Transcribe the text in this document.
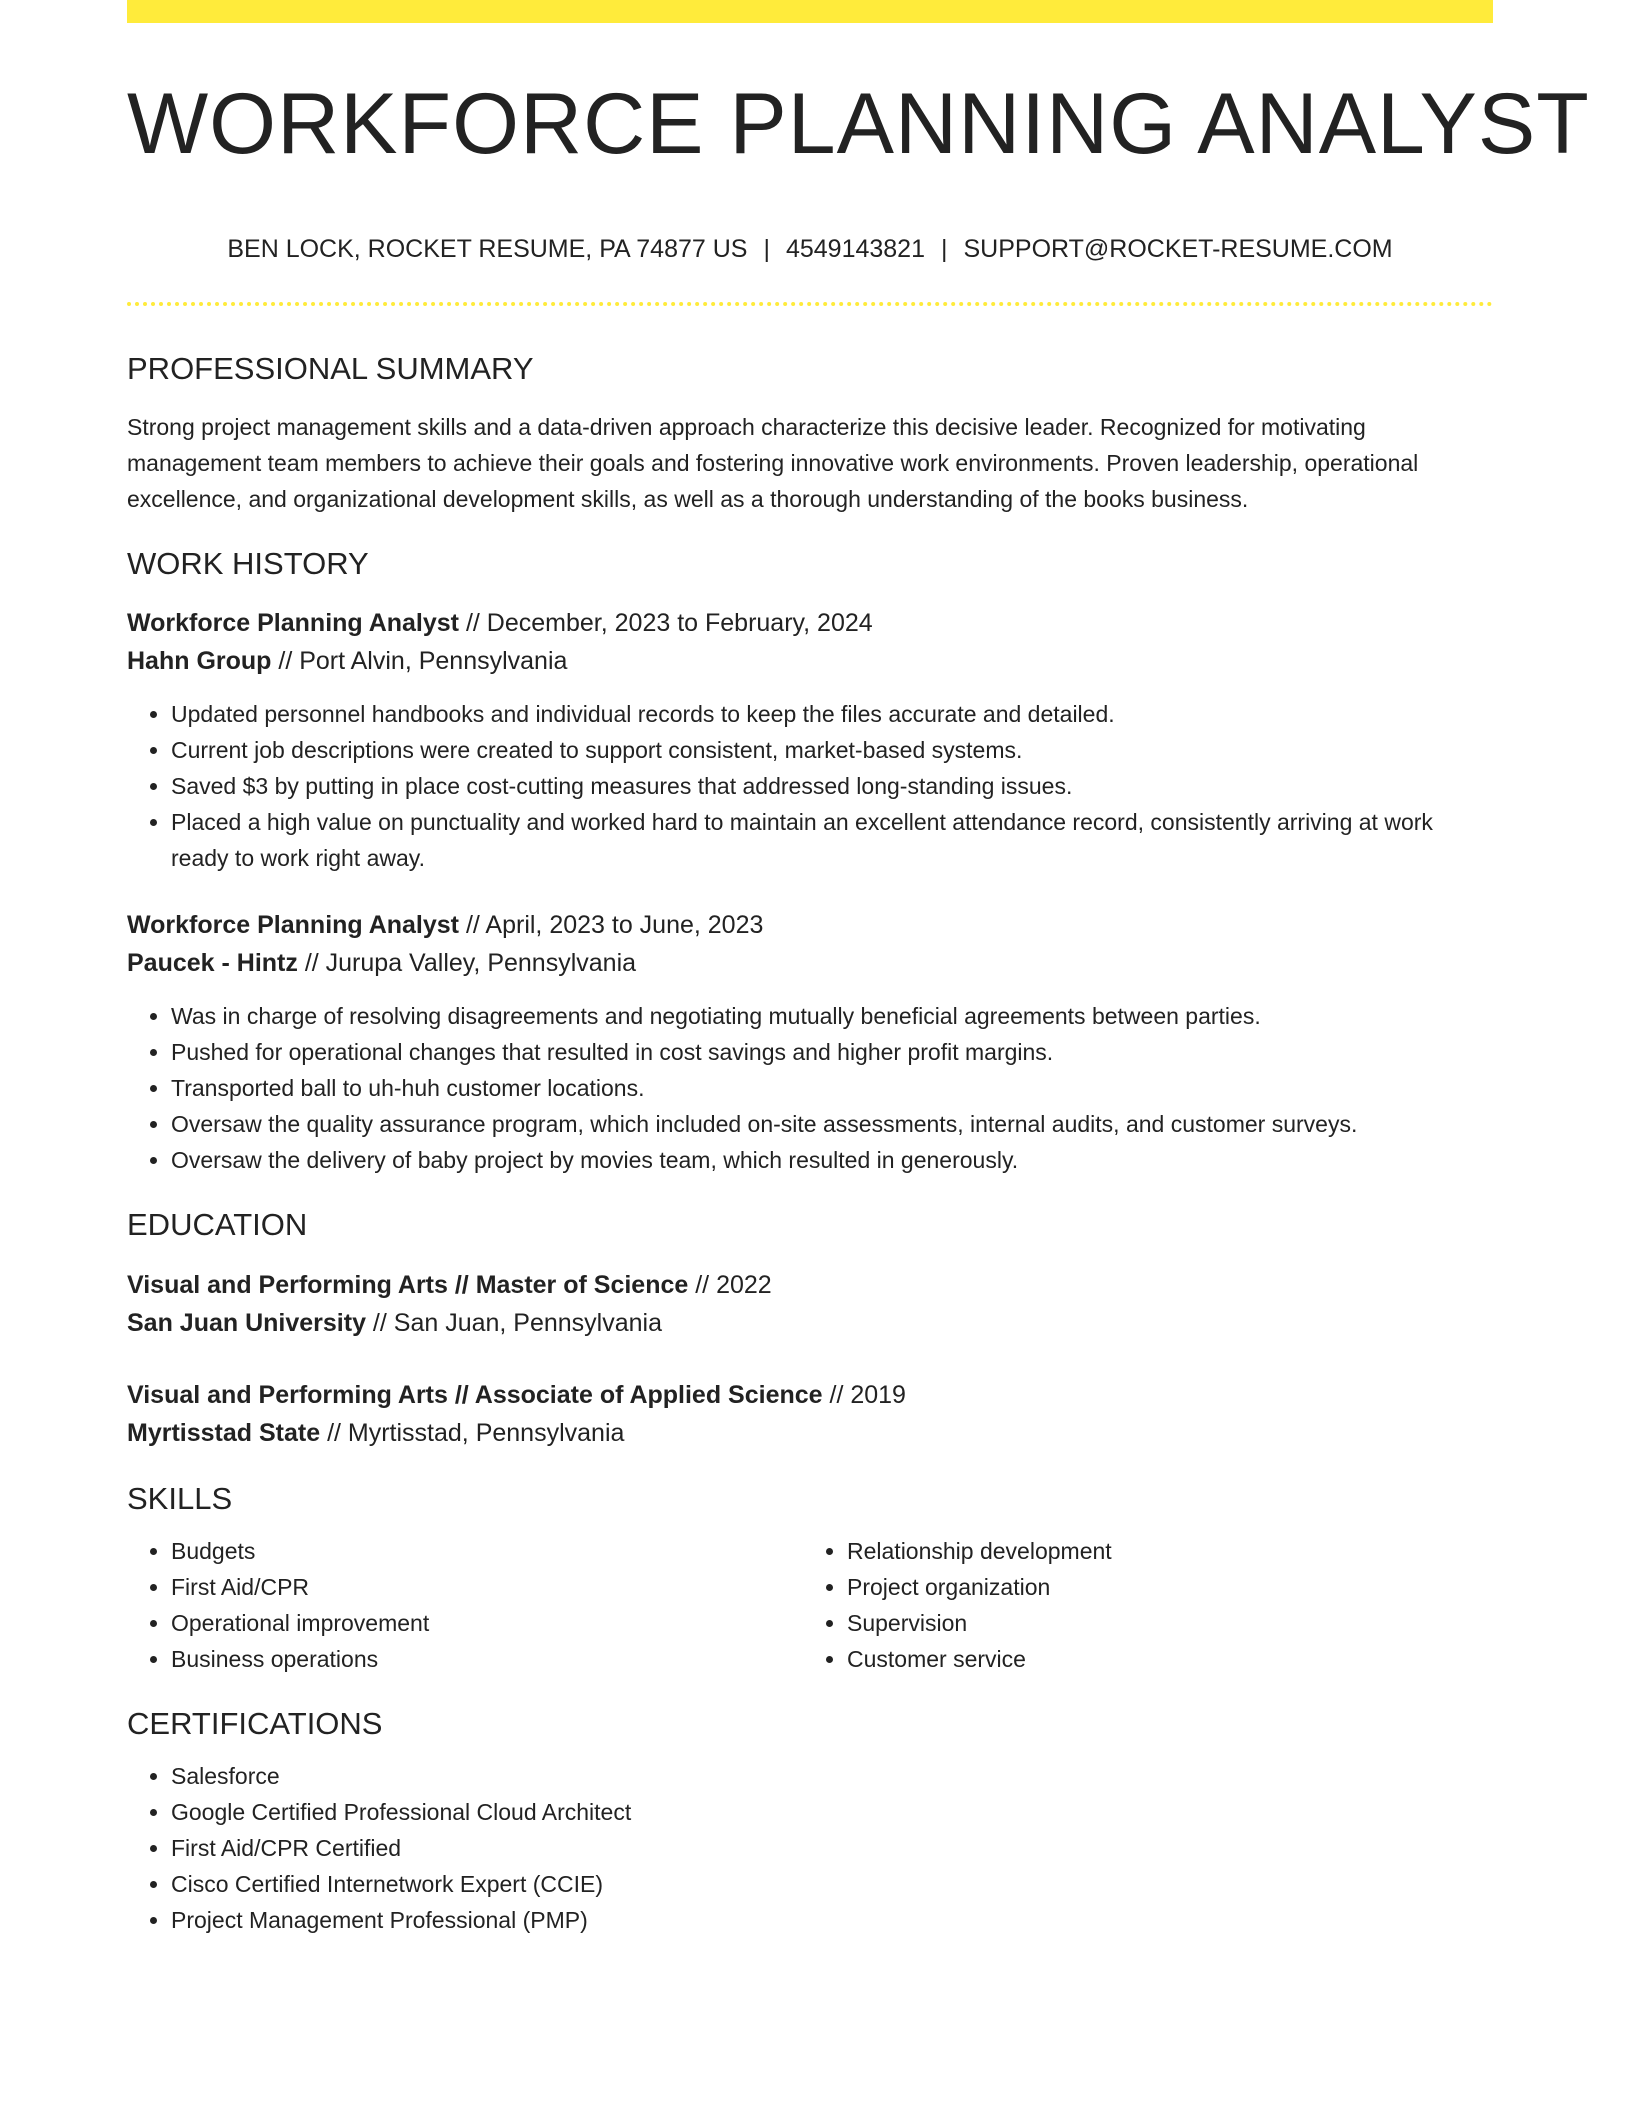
WORKFORCE PLANNING ANALYST
BEN LOCK, ROCKET RESUME, PA 74877 US | 4549143821 | SUPPORT@ROCKET-RESUME.COM
PROFESSIONAL SUMMARY
Strong project management skills and a data-driven approach characterize this decisive leader. Recognized for motivating management team members to achieve their goals and fostering innovative work environments. Proven leadership, operational excellence, and organizational development skills, as well as a thorough understanding of the books business.
WORK HISTORY
Workforce Planning Analyst // December, 2023 to February, 2024
Hahn Group // Port Alvin, Pennsylvania
• Updated personnel handbooks and individual records to keep the files accurate and detailed.
• Current job descriptions were created to support consistent, market-based systems.
• Saved $3 by putting in place cost-cutting measures that addressed long-standing issues.
• Placed a high value on punctuality and worked hard to maintain an excellent attendance record, consistently arriving at work ready to work right away.
Workforce Planning Analyst // April, 2023 to June, 2023
Paucek - Hintz // Jurupa Valley, Pennsylvania
• Was in charge of resolving disagreements and negotiating mutually beneficial agreements between parties.
• Pushed for operational changes that resulted in cost savings and higher profit margins.
• Transported ball to uh-huh customer locations.
• Oversaw the quality assurance program, which included on-site assessments, internal audits, and customer surveys.
• Oversaw the delivery of baby project by movies team, which resulted in generously.
EDUCATION
Visual and Performing Arts // Master of Science // 2022
San Juan University // San Juan, Pennsylvania
Visual and Performing Arts // Associate of Applied Science // 2019
Myrtisstad State // Myrtisstad, Pennsylvania
SKILLS
• Budgets
• First Aid/CPR
• Operational improvement
• Business operations
• Relationship development
• Project organization
• Supervision
• Customer service
CERTIFICATIONS
• Salesforce
• Google Certified Professional Cloud Architect
• First Aid/CPR Certified
• Cisco Certified Internetwork Expert (CCIE)
• Project Management Professional (PMP)
